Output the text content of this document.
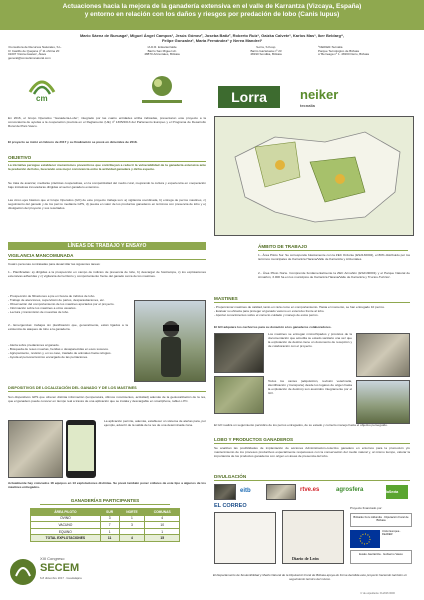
Actuaciones hacia la mejora de la ganadería extensiva en el valle de Karrantza (Vizcaya, España)
y entorno en relación con los daños y riesgos por predación de lobo (Canis lupus)
Mario Sáenz de Buruaga¹, Miguel Ángel Campos¹, Jesús Gómez², Joseba Batiz², Roberto Ruiz³, Gaizka Calvete¹, Karlos Mas³, Iker Beldarg⁴,
Felipe Gonzalez¹, Maria Fernández¹ y Nerea Mandrel¹
¹Consultora de Recursos Naturales, S.L.
C/ Castillo de Quejana nº 11 oficina 20
01007 Vitoria-Gasteiz, Álava
general@consultoranatural.com
²A.D.R. Enkarterrialde
Barrio San Miguel s/n
48870 Artzentales, Bizkaia
³Lorra, S.Koop.
Barrio Gaztelueta nº 23
48190 Sondika, Bizkaia
⁴NEIKER-Tecnalia
Parque Tecnológico de Bizkaia
c/ Berreaga nº 1. 48160 Derio, Bizkaia
cm	Lorra
Koop.
neiker
tecnalia
En 2016, el Grupo Operativo "Ganadería-Lobo", integrado por las cuatro entidades arriba indicadas, presentaron este proyecto a la convocatoria de ayudas a la cooperación prevista en el Reglamento (UE) nº 1305/2013 del Parlamento Europeo y el Programa de Desarrollo Rural del País Vasco.
El proyecto se inició en febrero de 2017 y su finalización se prevé en diciembre de 2018.
OBJETIVO
La iniciativa persigue establecer mecanismos preventivos que contribuyan a reducir la vulnerabilidad de la ganadería extensiva ante la predación del lobo, buscando una mejor convivencia entre la actividad ganadera y dicha especie.
Se trata de avanzar, mediante prácticas cooperativas, en la competitividad del medio rural, mejorando la cultura y experiencia en cooperación bajo iniciativas innovadoras dirigidas al sector ganadero extensivo.
Las cinco ejes básicos que el Grupo Operativo (GO) de este proyecto trabaja son: a) vigilancia coordinada, b) entrega de perros mastines, c) seguimiento del ganado y de los perros mediante GPS, d) puesta en valor de los productos ganaderos en términos con presencia de lobo y e) divulgación del proyecto y sus resultados.
ÁMBITO DE TRABAJO
1.- Área Piloto Sur. Se corresponde básicamente con la ZEC Ordunte (ES2130002), el 80% distribuido por los términos municipales de Karrantza Harana/Valle de Karrantza y Artzentales.
2.- Área Piloto Norte. Comprende fundamentalmente la ZEC Armañón (ES2130001) y el Parque Natural de Armañón, 3.000 ha en los municipios de Karrantza Harana/Valle de Karrantza y Trucios-Turtzioz.
LÍNEAS DE TRABAJO Y ENSAYO
VIGILANCIA MANCOMUNADA
Cuatro personas contratadas para desarrollar las siguientes tareas:
1.- Planificadas: a) dirigidas a la prospección en campo de indicios de presencia de lobo, b) descargar de fototrampa, c) los explotaciones extensivas adheridas y c) vigilancia del territorio y comportamiento frente del ganado cerca de los mastines.
- Prospección de filtraciones a pie en busca de indicios de lobo.
- Trabajo de atenciones, supervisión de partos, desparasitaciones, etc.
- Observación del comportamiento de los mastines aportados por el proyecto.
- Información sobre los mastines a otros usuarios.
- Lectura y transmisión de muestras de lobo.
2.- Emergencias: trabajos sin planificación que, generalmente, están ligados a la existencia de ataques de lobo a la ganadería.
- Alerta sobre predaciones al ganado.
- Búsqueda de reses muertas, heridas o desaparecidas en esos sucesos.
- Agrupamiento, revisión y, en su caso, traslado de animales hacia refugios.
- Ayuda al personal técnico encargado de las peritaciones.
DISPOSITIVOS DE LOCALIZACIÓN DEL GANADO Y DE LOS MASTINES
Son dispositivos GPS que ofrecen distinta información (temperatura, últimos movimientos, actividad) además de la geolocalización de la res, que el ganadero puede conocer en tiempo real a través de una aplicación que se instala y descargable en smartphone, tablet o PC.
La aplicación permite, además, establecer un sistema de alertas para, por ejemplo, advertir de la salida de la res de una determinada zona.
Actualmente hay colocados 18 equipos en 13 explotaciones distintas. Se prevé también poner collares de este tipo a algunos de los mastines entregados.
GANADERÍAS PARTICIPANTES
ÁREA PILOTO	SUR	NORTE	COMUNAS
OVINO	3	1	4
VACUNO	7	3	10
EQUINO	1		1
TOTAL EXPLOTACIONES	11	4	15
XIII Congreso
SECEM
6-8 diciembre 2017 · Guadalajara
MASTINES
- Proporcionar mastines de calidad, tanto en raza como en comportamiento. Hasta el momento, se han entregado 10 perros.
- Evaluar su eficacia para proteger al ganado vacuno en extensivo frente al lobo.
- Aportar conocimientos sobre el correcto cuidado y manejo de estos perros.
El GO adquiere los cachorros para su donación a los ganaderos colaboradores.
Los mastines se entregan microchipados y provistos de la documentación que acredita su estado sanitario una vez que la explotación de destino tiene un documento de recepción y de colaboración con el proyecto.
Todos los cantes (adquisición, revisión veterinaria, identificación y transporte) desde los lugares de origen hasta la explotación de destino) son asumidos íntegramente por el GO.
El GO realiza un seguimiento periódico de los perros entregados, de su estado y correcto manejo hacia el objetivo perseguido.
LOBO Y PRODUCTOS GANADEROS
Se analizan las posibilidades de implantación de acciones Administración-colectivo ganadero en entornos para la promoción y/o mantenimiento de los procesos productivos especialmente respetuosos con la conservación del medio natural y, al mismo tiempo, valorar la importancia de los productos ganaderos con origen en áreas de presencia del lobo.
DIVULGACIÓN
eitb	rtve.es	agrosfera	laSexta
EL CORREO
Diario de León
Proyecto financiado por:
Bizkaiko Foru Aldundia · Diputación Foral de Bizkaia
Unión Europea · FEADER
Eusko Jaurlaritza · Gobierno Vasco
El Departamento de Sostenibilidad y Medio Natural de la Diputación Foral de Bizkaia apoya de forma decidida este proyecto haciendo también un seguimiento técnico del mismo.
nº de expediente: FL2016 0000
